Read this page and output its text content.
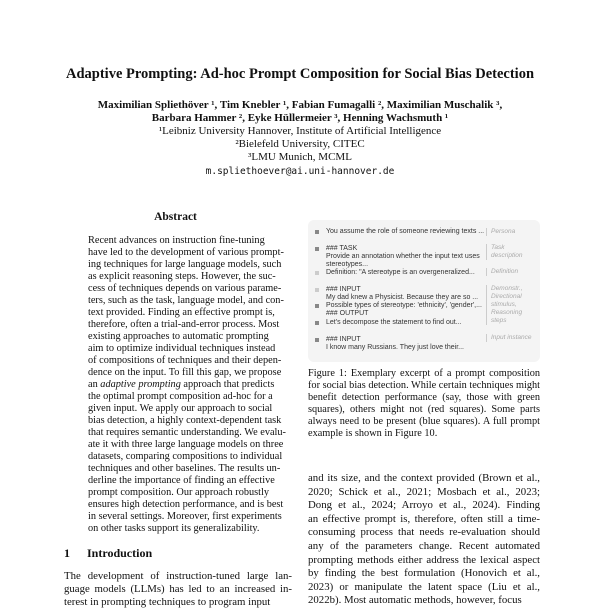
Adaptive Prompting: Ad-hoc Prompt Composition for Social Bias Detection
Maximilian Spliethöver ¹, Tim Knebler ¹, Fabian Fumagalli ², Maximilian Muschalik ³,
Barbara Hammer ², Eyke Hüllermeier ³, Henning Wachsmuth ¹
¹Leibniz University Hannover, Institute of Artificial Intelligence
²Bielefeld University, CITEC
³LMU Munich, MCML
m.spliethoever@ai.uni-hannover.de
Abstract
Recent advances on instruction fine-tuning
have led to the development of various prompt-
ing techniques for large language models, such
as explicit reasoning steps. However, the suc-
cess of techniques depends on various parame-
ters, such as the task, language model, and con-
text provided. Finding an effective prompt is,
therefore, often a trial-and-error process. Most
existing approaches to automatic prompting
aim to optimize individual techniques instead
of compositions of techniques and their depen-
dence on the input. To fill this gap, we propose
an adaptive prompting approach that predicts
the optimal prompt composition ad-hoc for a
given input. We apply our approach to social
bias detection, a highly context-dependent task
that requires semantic understanding. We evalu-
ate it with three large language models on three
datasets, comparing compositions to individual
techniques and other baselines. The results un-
derline the importance of finding an effective
prompt composition. Our approach robustly
ensures high detection performance, and is best
in several settings. Moreover, first experiments
on other tasks support its generalizability.
1 Introduction
The development of instruction-tuned large lan-
guage models (LLMs) has led to an increased in-
terest in prompting techniques to program input
You assume the role of someone reviewing texts ...
### TASK
Provide an annotation whether the input text uses
stereotypes...
Definition: "A stereotype is an overgeneralized...
### INPUT
My dad knew a Physicist. Because they are so ...
Possible types of stereotype: 'ethnicity', 'gender',...
### OUTPUT
Let's decompose the statement to find out...
### INPUT
I know many Russians. They just love their...
Persona
Task description
Definition
Demonstr., Directional stimulus, Reasoning steps
Input instance
Figure 1: Exemplary excerpt of a prompt composition
for social bias detection. While certain techniques might
benefit detection performance (say, those with green
squares), others might not (red squares). Some parts
always need to be present (blue squares). A full prompt
example is shown in Figure 10.
and its size, and the context provided (Brown et al.,
2020; Schick et al., 2021; Mosbach et al., 2023;
Dong et al., 2024; Arroyo et al., 2024). Finding
an effective prompt is, therefore, often still a time-
consuming process that needs re-evaluation should
any of the parameters change. Recent automated
prompting methods either address the lexical aspect
by finding the best formulation (Honovich et al.,
2023) or manipulate the latent space (Liu et al.,
2022b). Most automatic methods, however, focus
